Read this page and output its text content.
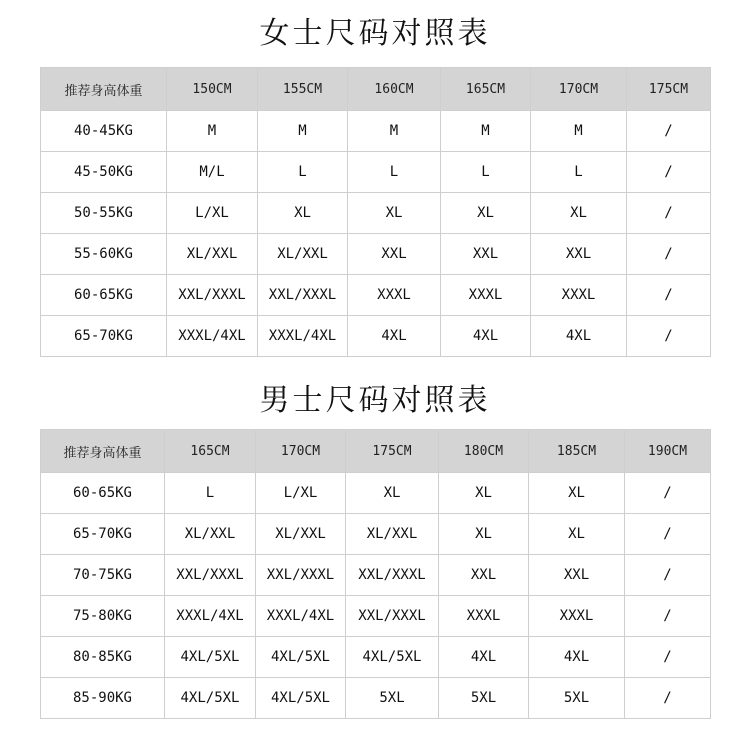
女士尺码对照表
推荐身高体重	150CM	155CM	160CM	165CM	170CM	175CM
40-45KG	M	M	M	M	M	/
45-50KG	M/L	L	L	L	L	/
50-55KG	L/XL	XL	XL	XL	XL	/
55-60KG	XL/XXL	XL/XXL	XXL	XXL	XXL	/
60-65KG	XXL/XXXL	XXL/XXXL	XXXL	XXXL	XXXL	/
65-70KG	XXXL/4XL	XXXL/4XL	4XL	4XL	4XL	/
男士尺码对照表
推荐身高体重	165CM	170CM	175CM	180CM	185CM	190CM
60-65KG	L	L/XL	XL	XL	XL	/
65-70KG	XL/XXL	XL/XXL	XL/XXL	XL	XL	/
70-75KG	XXL/XXXL	XXL/XXXL	XXL/XXXL	XXL	XXL	/
75-80KG	XXXL/4XL	XXXL/4XL	XXL/XXXL	XXXL	XXXL	/
80-85KG	4XL/5XL	4XL/5XL	4XL/5XL	4XL	4XL	/
85-90KG	4XL/5XL	4XL/5XL	5XL	5XL	5XL	/
